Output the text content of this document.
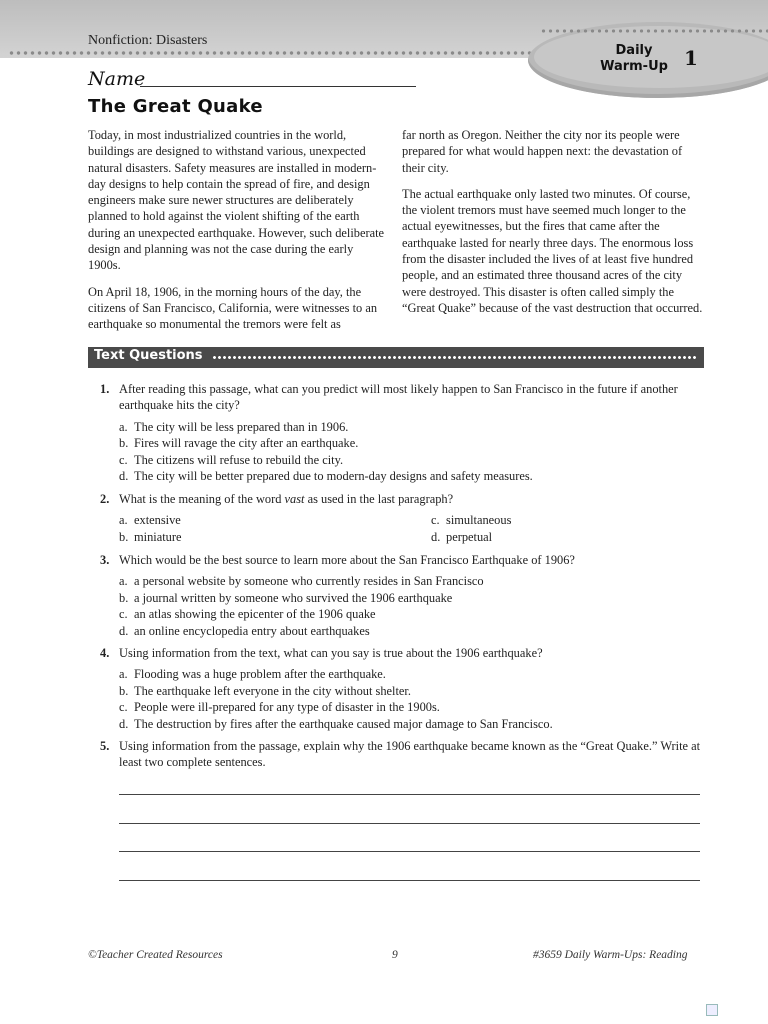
Nonfiction: Disasters
Daily
Warm-Up 1
Name
The Great Quake

Today, in most industrialized countries in the world, buildings are designed to withstand various, unexpected natural disasters. Safety measures are installed in modern-day designs to help contain the spread of fire, and design engineers make sure newer structures are deliberately planned to hold against the violent shifting of the earth during an unexpected earthquake. However, such deliberate design and planning was not the case during the early 1900s.

On April 18, 1906, in the morning hours of the day, the citizens of San Francisco, California, were witnesses to an earthquake so monumental the tremors were felt as

far north as Oregon. Neither the city nor its people were prepared for what would happen next: the devastation of their city.

The actual earthquake only lasted two minutes. Of course, the violent tremors must have seemed much longer to the actual eyewitnesses, but the fires that came after the earthquake lasted for nearly three days. The enormous loss from the disaster included the lives of at least five hundred people, and an estimated three thousand acres of the city were destroyed. This disaster is often called simply the “Great Quake” because of the vast destruction that occurred.

Text Questions
1. After reading this passage, what can you predict will most likely happen to San Francisco in the future if another earthquake hits the city?
a. The city will be less prepared than in 1906.
b. Fires will ravage the city after an earthquake.
c. The citizens will refuse to rebuild the city.
d. The city will be better prepared due to modern-day designs and safety measures.
2. What is the meaning of the word vast as used in the last paragraph?
a. extensive	c. simultaneous
b. miniature	d. perpetual
3. Which would be the best source to learn more about the San Francisco Earthquake of 1906?
a. a personal website by someone who currently resides in San Francisco
b. a journal written by someone who survived the 1906 earthquake
c. an atlas showing the epicenter of the 1906 quake
d. an online encyclopedia entry about earthquakes
4. Using information from the text, what can you say is true about the 1906 earthquake?
a. Flooding was a huge problem after the earthquake.
b. The earthquake left everyone in the city without shelter.
c. People were ill-prepared for any type of disaster in the 1900s.
d. The destruction by fires after the earthquake caused major damage to San Francisco.
5. Using information from the passage, explain why the 1906 earthquake became known as the “Great Quake.” Write at least two complete sentences.
©Teacher Created Resources	9	#3659 Daily Warm-Ups: Reading
